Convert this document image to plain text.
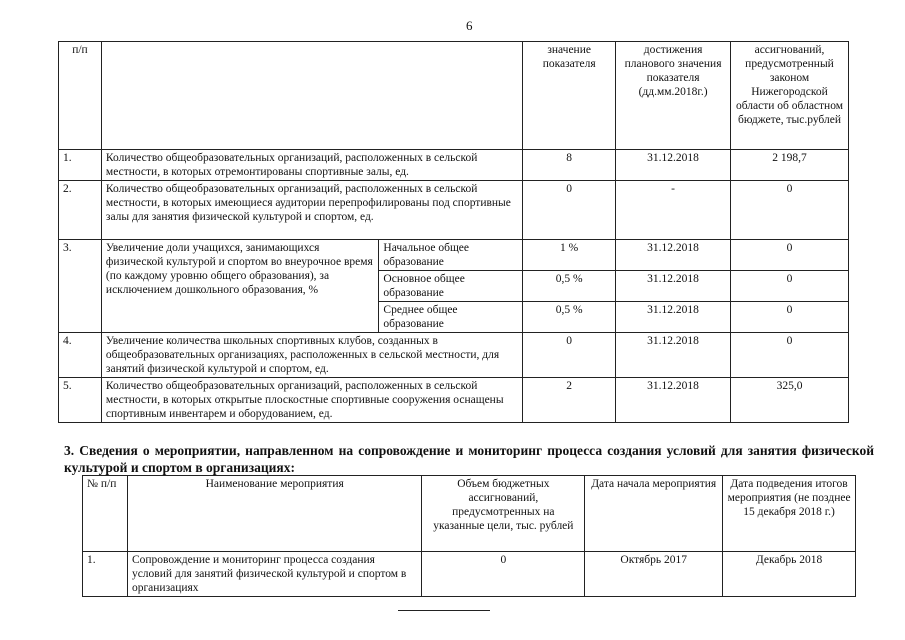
6
п/п			значение показателя	достижения планового значения показателя (дд.мм.2018г.)	ассигнований, предусмотренный законом Нижегородской области об областном бюджете, тыс.рублей
1.	Количество общеобразовательных организаций, расположенных в сельской местности, в которых отремонтированы спортивные залы, ед.		8	31.12.2018	2 198,7
2.	Количество общеобразовательных организаций, расположенных в сельской местности, в которых имеющиеся аудитории перепрофилированы под спортивные залы для занятия физической культурой и спортом, ед.		0	-	0
3.	Увеличение доли учащихся, занимающихся физической культурой и спортом во внеурочное время (по каждому уровню общего образования), за исключением дошкольного образования, %	Начальное общее образование	1 %	31.12.2018	0
		Основное общее образование	0,5 %	31.12.2018	0
		Среднее общее образование	0,5 %	31.12.2018	0
4.	Увеличение количества школьных спортивных клубов, созданных в общеобразовательных организациях, расположенных в сельской местности, для занятий физической культурой и спортом, ед.		0	31.12.2018	0
5.	Количество общеобразовательных организаций, расположенных в сельской местности, в которых открытые плоскостные спортивные сооружения оснащены спортивным инвентарем и оборудованием, ед.		2	31.12.2018	325,0
3. Сведения о мероприятии, направленном на сопровождение и мониторинг процесса создания условий для занятия физической культурой и спортом в организациях:
№ п/п	Наименование мероприятия	Объем бюджетных ассигнований, предусмотренных на указанные цели, тыс. рублей	Дата начала мероприятия	Дата подведения итогов мероприятия (не позднее 15 декабря 2018 г.)
1.	Сопровождение и мониторинг процесса создания условий для занятий физической культурой и спортом в организациях	0	Октябрь 2017	Декабрь 2018
